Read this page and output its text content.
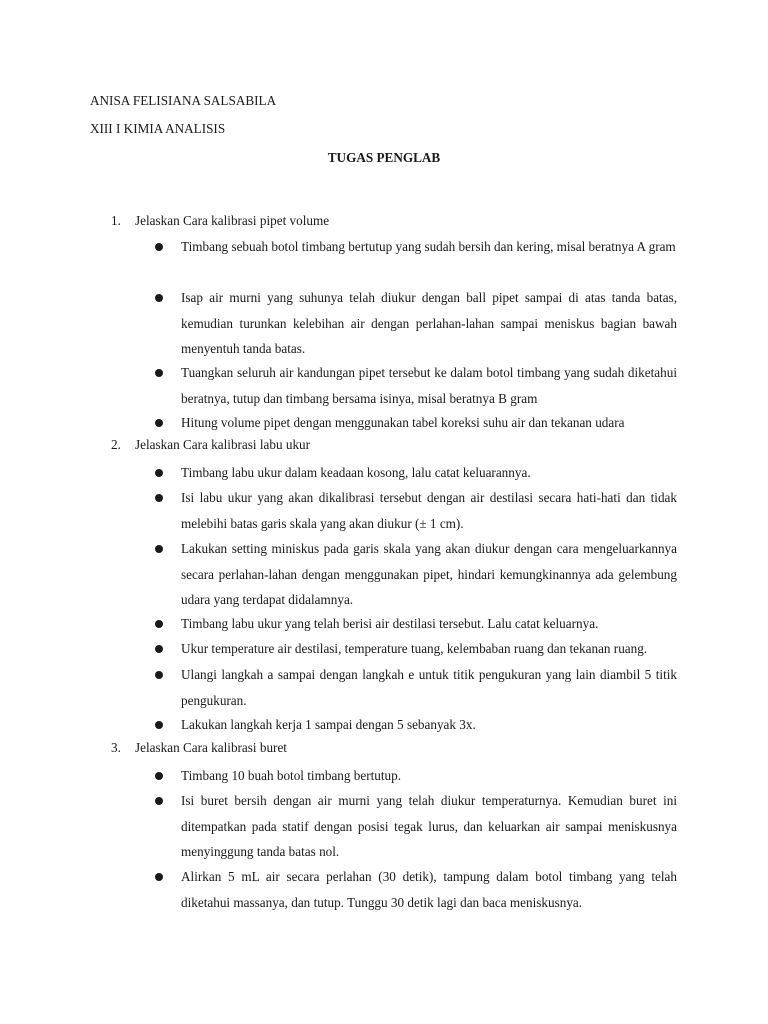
ANISA FELISIANA SALSABILA
XIII I KIMIA ANALISIS
TUGAS PENGLAB
1. Jelaskan Cara kalibrasi pipet volume
Timbang sebuah botol timbang bertutup yang sudah bersih dan kering, misal beratnya A gram
Isap air murni yang suhunya telah diukur dengan ball pipet sampai di atas tanda batas, kemudian turunkan kelebihan air dengan perlahan-lahan sampai meniskus bagian bawah menyentuh tanda batas.
Tuangkan seluruh air kandungan pipet tersebut ke dalam botol timbang yang sudah diketahui beratnya, tutup dan timbang bersama isinya, misal beratnya B gram
Hitung volume pipet dengan menggunakan tabel koreksi suhu air dan tekanan udara
2. Jelaskan Cara kalibrasi labu ukur
Timbang labu ukur dalam keadaan kosong, lalu catat keluarannya.
Isi labu ukur yang akan dikalibrasi tersebut dengan air destilasi secara hati-hati dan tidak melebihi batas garis skala yang akan diukur (± 1 cm).
Lakukan setting miniskus pada garis skala yang akan diukur dengan cara mengeluarkannya secara perlahan-lahan dengan menggunakan pipet, hindari kemungkinannya ada gelembung udara yang terdapat didalamnya.
Timbang labu ukur yang telah berisi air destilasi tersebut. Lalu catat keluarnya.
Ukur temperature air destilasi, temperature tuang, kelembaban ruang dan tekanan ruang.
Ulangi langkah a sampai dengan langkah e untuk titik pengukuran yang lain diambil 5 titik pengukuran.
Lakukan langkah kerja 1 sampai dengan 5 sebanyak 3x.
3. Jelaskan Cara kalibrasi buret
Timbang 10 buah botol timbang bertutup.
Isi buret bersih dengan air murni yang telah diukur temperaturnya. Kemudian buret ini ditempatkan pada statif dengan posisi tegak lurus, dan keluarkan air sampai meniskusnya menyinggung tanda batas nol.
Alirkan 5 mL air secara perlahan (30 detik), tampung dalam botol timbang yang telah diketahui massanya, dan tutup. Tunggu 30 detik lagi dan baca meniskusnya.
